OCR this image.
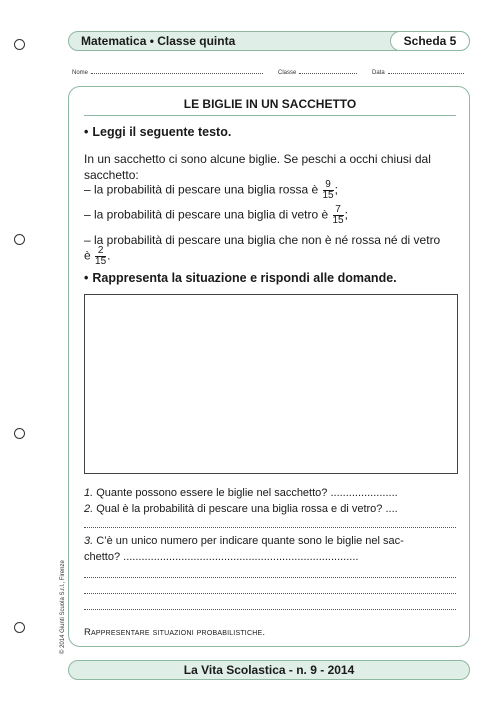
Matematica • Classe quinta	Scheda 5
Nome	Classe	Data
LE BIGLIE IN UN SACCHETTO
• Leggi il seguente testo.
In un sacchetto ci sono alcune biglie. Se peschi a occhi chiusi dal sacchetto:
– la probabilità di pescare una biglia rossa è $\frac{9}{15}$ ;
– la probabilità di pescare una biglia di vetro è $\frac{7}{15}$ ;
– la probabilità di pescare una biglia che non è né rossa né di vetro
è $\frac{2}{15}$ .
• Rappresenta la situazione e rispondi alle domande.
1. Quante possono essere le biglie nel sacchetto? ......................
2. Qual è la probabilità di pescare una biglia rossa e di vetro? ....
3. C’è un unico numero per indicare quante sono le biglie nel sac-
chetto? .............................................................................
Rappresentare situazioni probabilistiche.
© 2014 Giunti Scuola S.r.l., Firenze
La Vita Scolastica - n. 9 - 2014
